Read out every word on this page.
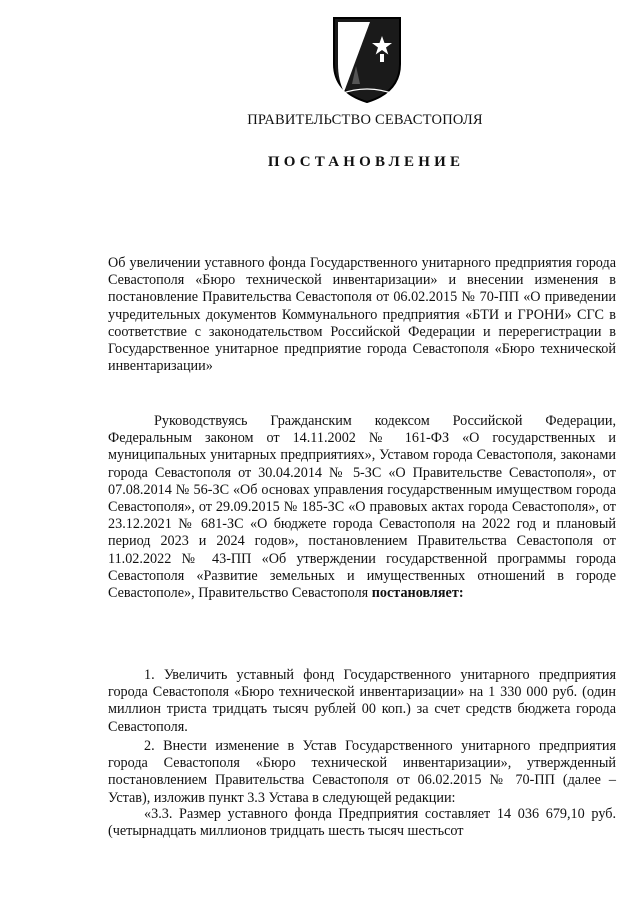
ПРАВИТЕЛЬСТВО СЕВАСТОПОЛЯ
ПОСТАНОВЛЕНИЕ
Об увеличении уставного фонда Государственного унитарного предприятия города Севастополя «Бюро технической инвентаризации» и внесении изменения в постановление Правительства Севастополя от 06.02.2015 № 70-ПП «О приведении учредительных документов Коммунального предприятия «БТИ и ГРОНИ» СГС в соответствие с законодательством Российской Федерации и перерегистрации в Государственное унитарное предприятие города Севастополя «Бюро технической инвентаризации»
Руководствуясь Гражданским кодексом Российской Федерации, Федеральным законом от 14.11.2002 № 161-ФЗ «О государственных и муниципальных унитарных предприятиях», Уставом города Севастополя, законами города Севастополя от 30.04.2014 № 5-ЗС «О Правительстве Севастополя», от 07.08.2014 № 56-ЗС «Об основах управления государственным имуществом города Севастополя», от 29.09.2015 № 185-ЗС «О правовых актах города Севастополя», от 23.12.2021 № 681-ЗС «О бюджете города Севастополя на 2022 год и плановый период 2023 и 2024 годов», постановлением Правительства Севастополя от 11.02.2022 № 43-ПП «Об утверждении государственной программы города Севастополя «Развитие земельных и имущественных отношений в городе Севастополе», Правительство Севастополя постановляет:
1. Увеличить уставный фонд Государственного унитарного предприятия города Севастополя «Бюро технической инвентаризации» на 1 330 000 руб. (один миллион триста тридцать тысяч рублей 00 коп.) за счет средств бюджета города Севастополя.
2. Внести изменение в Устав Государственного унитарного предприятия города Севастополя «Бюро технической инвентаризации», утвержденный постановлением Правительства Севастополя от 06.02.2015 № 70-ПП (далее – Устав), изложив пункт 3.3 Устава в следующей редакции:
«3.3. Размер уставного фонда Предприятия составляет 14 036 679,10 руб. (четырнадцать миллионов тридцать шесть тысяч шестьсот
